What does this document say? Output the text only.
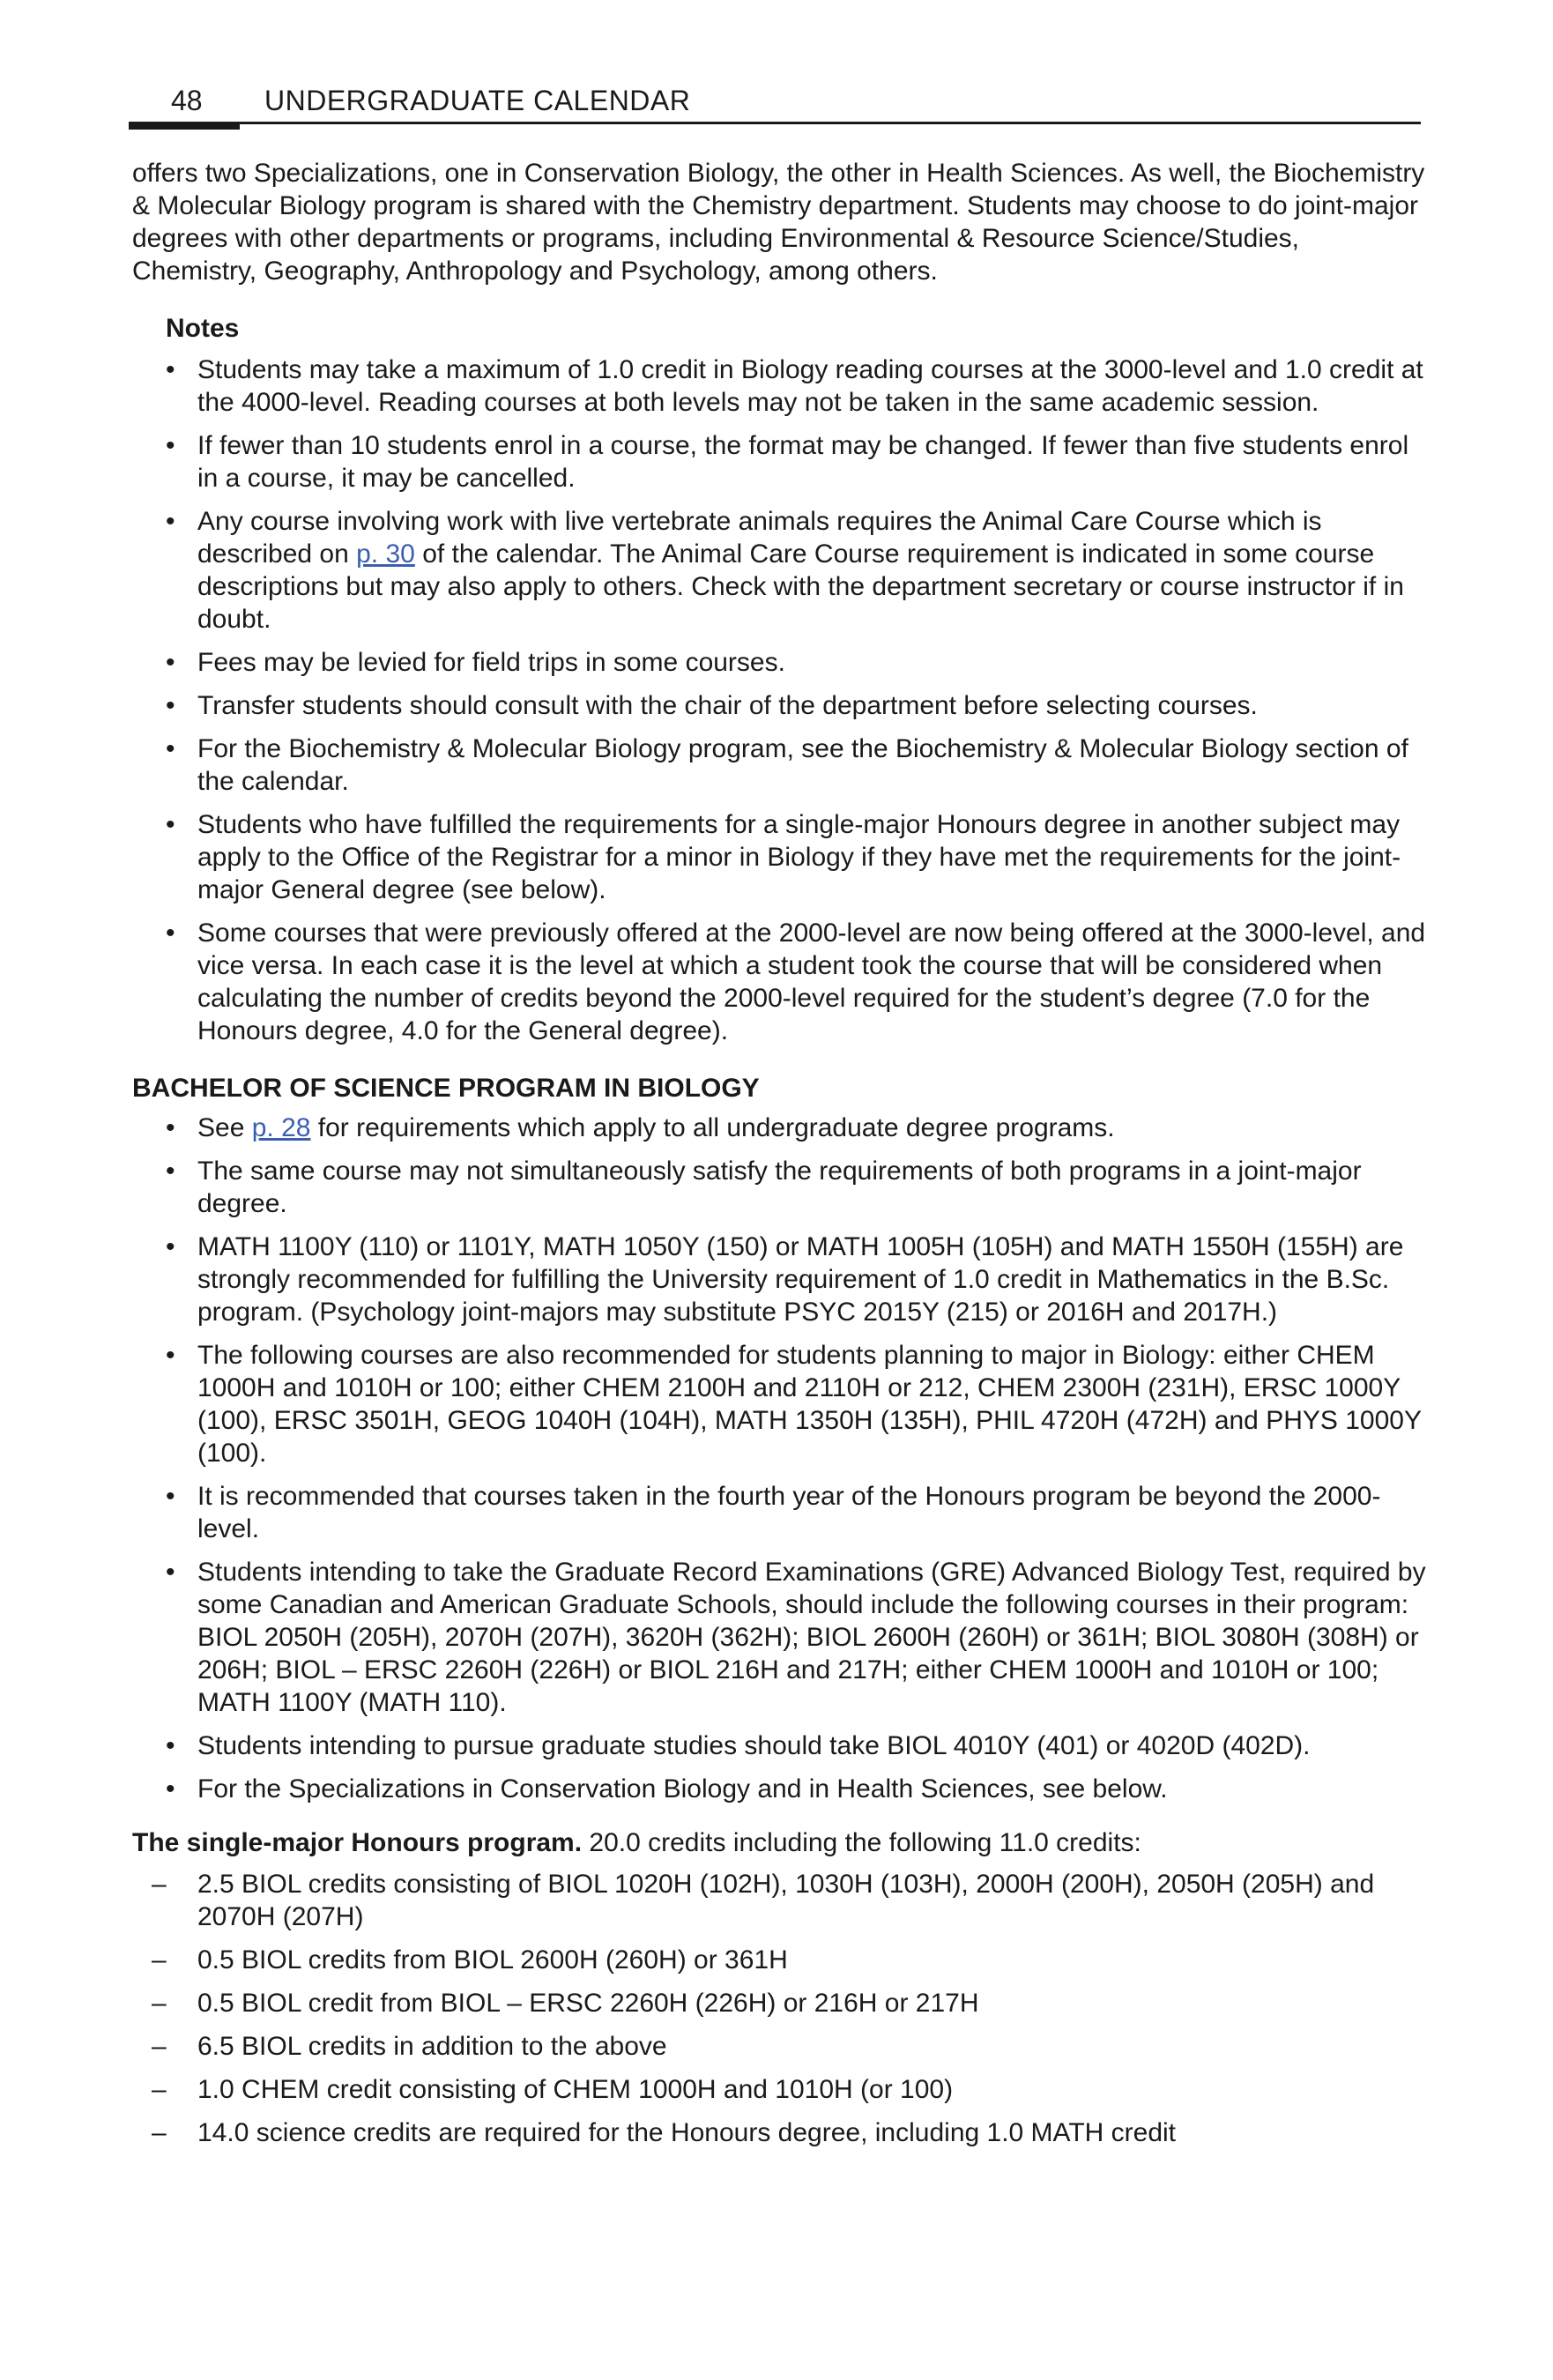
48 UNDERGRADUATE CALENDAR

offers two Specializations, one in Conservation Biology, the other in Health Sciences. As well, the Biochemistry & Molecular Biology program is shared with the Chemistry department. Students may choose to do joint-major degrees with other departments or programs, including Environmental & Resource Science/Studies, Chemistry, Geography, Anthropology and Psychology, among others.

Notes
• Students may take a maximum of 1.0 credit in Biology reading courses at the 3000-level and 1.0 credit at the 4000-level. Reading courses at both levels may not be taken in the same academic session.
• If fewer than 10 students enrol in a course, the format may be changed. If fewer than five students enrol in a course, it may be cancelled.
• Any course involving work with live vertebrate animals requires the Animal Care Course which is described on p. 30 of the calendar. The Animal Care Course requirement is indicated in some course descriptions but may also apply to others. Check with the department secretary or course instructor if in doubt.
• Fees may be levied for field trips in some courses.
• Transfer students should consult with the chair of the department before selecting courses.
• For the Biochemistry & Molecular Biology program, see the Biochemistry & Molecular Biology section of the calendar.
• Students who have fulfilled the requirements for a single-major Honours degree in another subject may apply to the Office of the Registrar for a minor in Biology if they have met the requirements for the joint-major General degree (see below).
• Some courses that were previously offered at the 2000-level are now being offered at the 3000-level, and vice versa. In each case it is the level at which a student took the course that will be considered when calculating the number of credits beyond the 2000-level required for the student’s degree (7.0 for the Honours degree, 4.0 for the General degree).
BACHELOR OF SCIENCE PROGRAM IN BIOLOGY
• See p. 28 for requirements which apply to all undergraduate degree programs.
• The same course may not simultaneously satisfy the requirements of both programs in a joint-major degree.
• MATH 1100Y (110) or 1101Y, MATH 1050Y (150) or MATH 1005H (105H) and MATH 1550H (155H) are strongly recommended for fulfilling the University requirement of 1.0 credit in Mathematics in the B.Sc. program. (Psychology joint-majors may substitute PSYC 2015Y (215) or 2016H and 2017H.)
• The following courses are also recommended for students planning to major in Biology: either CHEM 1000H and 1010H or 100; either CHEM 2100H and 2110H or 212, CHEM 2300H (231H), ERSC 1000Y (100), ERSC 3501H, GEOG 1040H (104H), MATH 1350H (135H), PHIL 4720H (472H) and PHYS 1000Y (100).
• It is recommended that courses taken in the fourth year of the Honours program be beyond the 2000-level.
• Students intending to take the Graduate Record Examinations (GRE) Advanced Biology Test, required by some Canadian and American Graduate Schools, should include the following courses in their program: BIOL 2050H (205H), 2070H (207H), 3620H (362H); BIOL 2600H (260H) or 361H; BIOL 3080H (308H) or 206H; BIOL – ERSC 2260H (226H) or BIOL 216H and 217H; either CHEM 1000H and 1010H or 100; MATH 1100Y (MATH 110).
• Students intending to pursue graduate studies should take BIOL 4010Y (401) or 4020D (402D).
• For the Specializations in Conservation Biology and in Health Sciences, see below.

The single-major Honours program. 20.0 credits including the following 11.0 credits:

– 2.5 BIOL credits consisting of BIOL 1020H (102H), 1030H (103H), 2000H (200H), 2050H (205H) and 2070H (207H)
– 0.5 BIOL credits from BIOL 2600H (260H) or 361H
– 0.5 BIOL credit from BIOL – ERSC 2260H (226H) or 216H or 217H
– 6.5 BIOL credits in addition to the above
– 1.0 CHEM credit consisting of CHEM 1000H and 1010H (or 100)
– 14.0 science credits are required for the Honours degree, including 1.0 MATH credit
